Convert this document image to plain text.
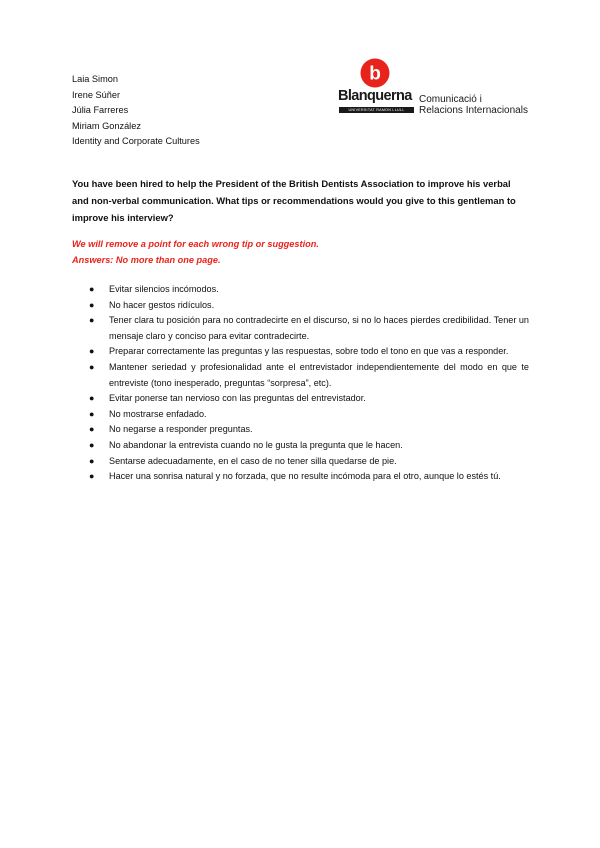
Laia Simon
Irene Súñer
Júlia Farreres
Miriam González
Identity and Corporate Cultures
b
Blanquerna
UNIVERSITAT RAMON LLULL
Comunicació i
Relacions Internacionals
You have been hired to help the President of the British Dentists Association to improve his verbal and non-verbal communication. What tips or recommendations would you give to this gentleman to improve his interview?
We will remove a point for each wrong tip or suggestion.
Answers: No more than one page.
● Evitar silencios incómodos.
● No hacer gestos ridículos.
● Tener clara tu posición para no contradecirte en el discurso, si no lo haces pierdes credibilidad. Tener un mensaje claro y conciso para evitar contradecirte.
● Preparar correctamente las preguntas y las respuestas, sobre todo el tono en que vas a responder.
● Mantener seriedad y profesionalidad ante el entrevistador independientemente del modo en que te entreviste (tono inesperado, preguntas “sorpresa”, etc).
● Evitar ponerse tan nervioso con las preguntas del entrevistador.
● No mostrarse enfadado.
● No negarse a responder preguntas.
● No abandonar la entrevista cuando no le gusta la pregunta que le hacen.
● Sentarse adecuadamente, en el caso de no tener silla quedarse de pie.
● Hacer una sonrisa natural y no forzada, que no resulte incómoda para el otro, aunque lo estés tú.
